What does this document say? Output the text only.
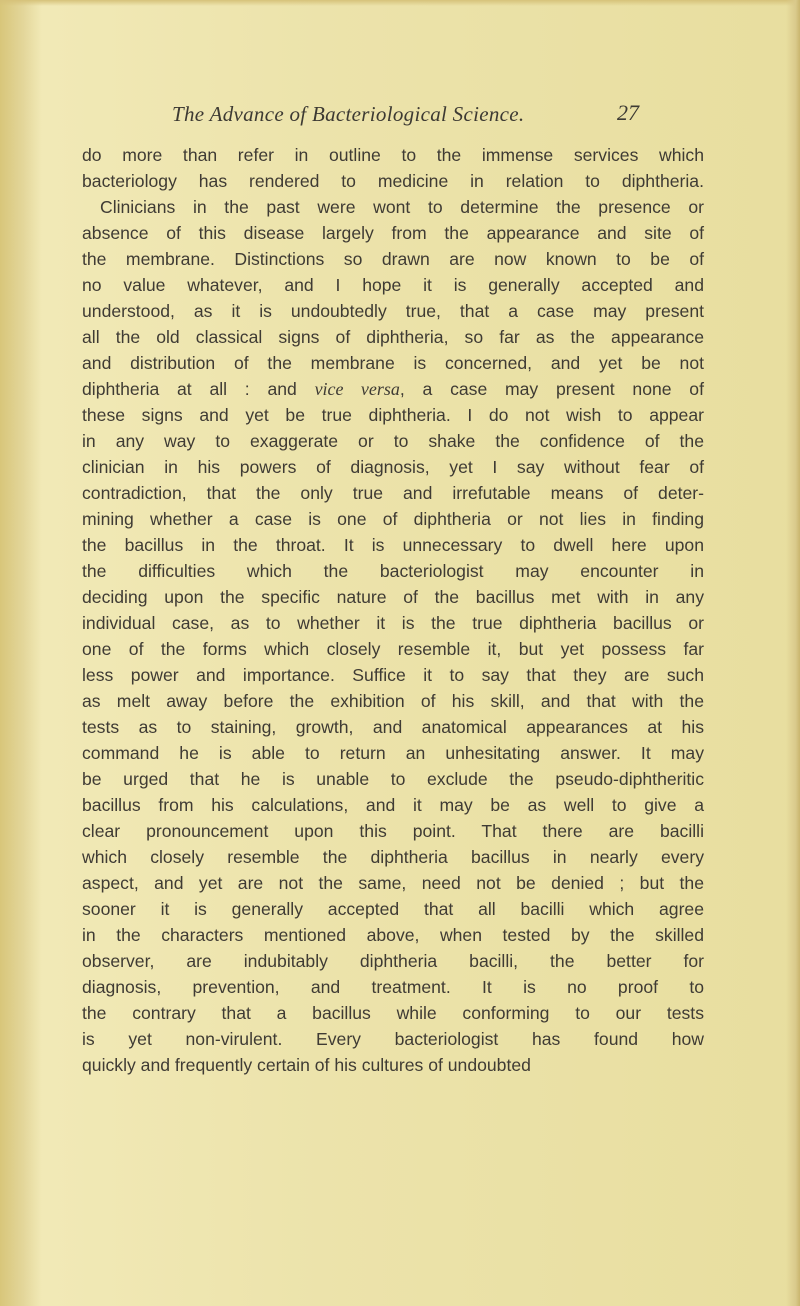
The Advance of Bacteriological Science.	27

do more than refer in outline to the immense services which
bacteriology has rendered to medicine in relation to diphtheria.
Clinicians in the past were wont to determine the presence or
absence of this disease largely from the appearance and site of
the membrane. Distinctions so drawn are now known to be of
no value whatever, and I hope it is generally accepted and
understood, as it is undoubtedly true, that a case may present
all the old classical signs of diphtheria, so far as the appearance
and distribution of the membrane is concerned, and yet be not
diphtheria at all : and vice versa, a case may present none of
these signs and yet be true diphtheria. I do not wish to appear
in any way to exaggerate or to shake the confidence of the
clinician in his powers of diagnosis, yet I say without fear of
contradiction, that the only true and irrefutable means of deter-
mining whether a case is one of diphtheria or not lies in finding
the bacillus in the throat. It is unnecessary to dwell here upon
the difficulties which the bacteriologist may encounter in
deciding upon the specific nature of the bacillus met with in any
individual case, as to whether it is the true diphtheria bacillus or
one of the forms which closely resemble it, but yet possess far
less power and importance. Suffice it to say that they are such
as melt away before the exhibition of his skill, and that with the
tests as to staining, growth, and anatomical appearances at his
command he is able to return an unhesitating answer. It may
be urged that he is unable to exclude the pseudo-diphtheritic
bacillus from his calculations, and it may be as well to give a
clear pronouncement upon this point. That there are bacilli
which closely resemble the diphtheria bacillus in nearly every
aspect, and yet are not the same, need not be denied ; but the
sooner it is generally accepted that all bacilli which agree
in the characters mentioned above, when tested by the skilled
observer, are indubitably diphtheria bacilli, the better for
diagnosis, prevention, and treatment. It is no proof to
the contrary that a bacillus while conforming to our tests
is yet non-virulent. Every bacteriologist has found how
quickly and frequently certain of his cultures of undoubted
